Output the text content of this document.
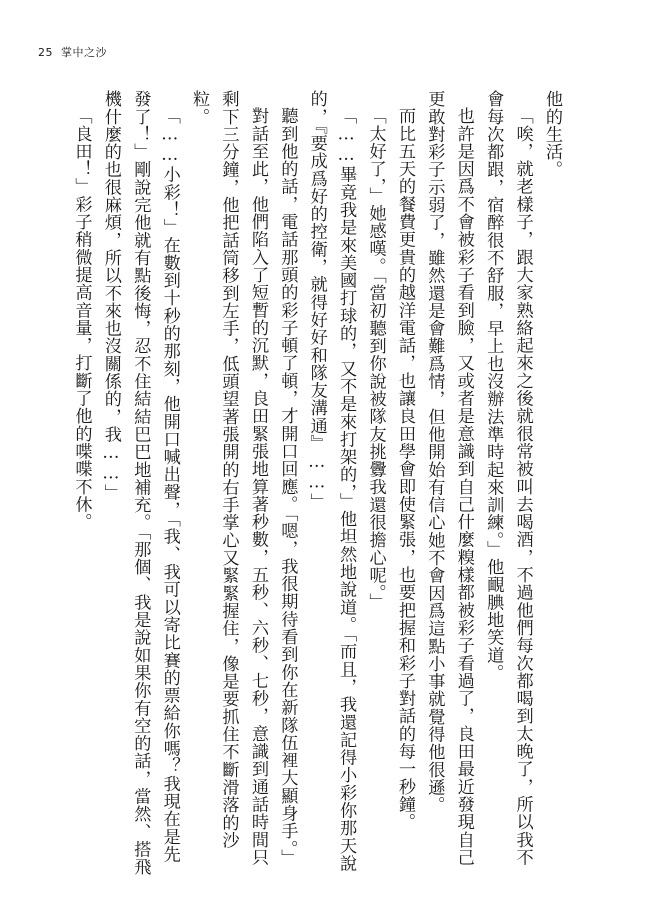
25 掌中之沙

他的生活。

「唉，就老樣子，跟大家熟絡起來之後就很常被叫去喝酒，不過他們每次都喝到太晚了，所以我不會每次都跟，宿醉很不舒服，早上也沒辦法準時起來訓練。」他靦腆地笑道。

也許是因爲不會被彩子看到臉，又或者是意識到自己什麼糗樣都被彩子看過了，良田最近發現自己更敢對彩子示弱了，雖然還是會難爲情，但他開始有信心她不會因爲這點小事就覺得他很遜。

而比五天的餐費更貴的越洋電話，也讓良田學會即使緊張，也要把握和彩子對話的每一秒鐘。

「太好了，」她感嘆。「當初聽到你說被隊友挑釁我還很擔心呢。」

「……畢竟我是來美國打球的，又不是來打架的，」他坦然地說道。「而且，我還記得小彩你那天說的，『要成爲好的控衛，就得好好和隊友溝通』……」

聽到他的話，電話那頭的彩子頓了頓，才開口回應。「嗯，我很期待看到你在新隊伍裡大顯身手。」

對話至此，他們陷入了短暫的沉默，良田緊張地算著秒數，五秒、六秒、七秒，意識到通話時間只剩下三分鐘，他把話筒移到左手，低頭望著張開的右手掌心又緊緊握住，像是要抓住不斷滑落的沙粒。

「……小彩！」在數到十秒的那刻，他開口喊出聲，「我、我可以寄比賽的票給你嗎？我現在是先發了！」剛說完他就有點後悔，忍不住結結巴巴地補充。「那個、我是說如果你有空的話，當然、搭飛機什麼的也很麻煩，所以不來也沒關係的，我……」

「良田！」彩子稍微提高音量，打斷了他的喋喋不休。
